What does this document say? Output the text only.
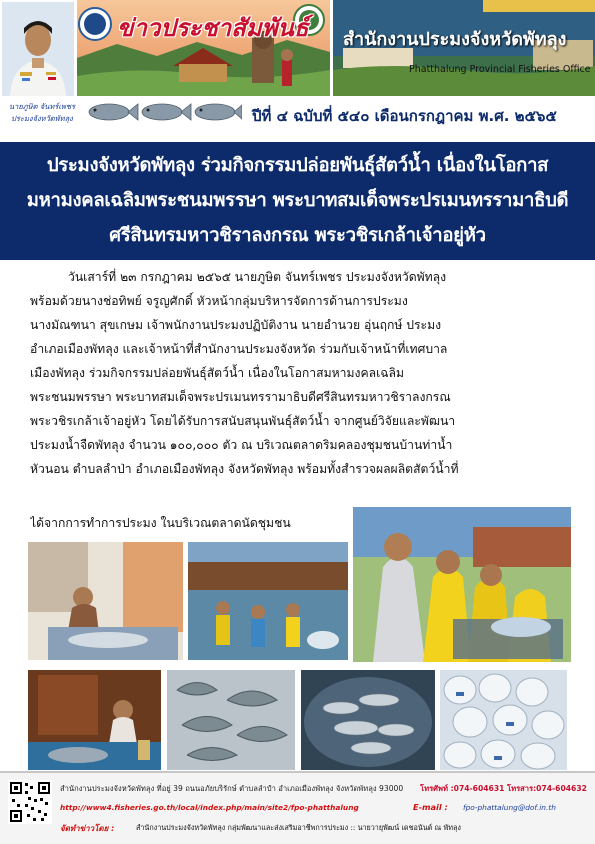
นายภูษิต จันทร์เพชร
ประมงจังหวัดพัทลุง
ข่าวประชาสัมพันธ์ สำนักงานประมงจังหวัดพัทลุง
Phatthalung Provincial Fisheries Office
ปีที่ ๔ ฉบับที่ ๕๔๐ เดือนกรกฎาคม พ.ศ. ๒๕๖๕
ประมงจังหวัดพัทลุง ร่วมกิจกรรมปล่อยพันธุ์สัตว์น้ำ เนื่องในโอกาส
มหามงคลเฉลิมพระชนมพรรษา พระบาทสมเด็จพระปรเมนทรรามาธิบดี
ศรีสินทรมหาวชิราลงกรณ พระวชิรเกล้าเจ้าอยู่หัว
วันเสาร์ที่ ๒๓ กรกฎาคม ๒๕๖๕ นายภูษิต จันทร์เพชร ประมงจังหวัดพัทลุง
พร้อมด้วยนางช่อทิพย์ จรูญศักดิ์ หัวหน้ากลุ่มบริหารจัดการด้านการประมง
นางมัณฑนา สุขเกษม เจ้าพนักงานประมงปฏิบัติงาน นายอำนวย อุ่นฤกษ์ ประมง
อำเภอเมืองพัทลุง และเจ้าหน้าที่สำนักงานประมงจังหวัด ร่วมกับเจ้าหน้าที่เทศบาล
เมืองพัทลุง ร่วมกิจกรรมปล่อยพันธุ์สัตว์น้ำ เนื่องในโอกาสมหามงคลเฉลิม
พระชนมพรรษา พระบาทสมเด็จพระปรเมนทรรามาธิบดีศรีสินทรมหาวชิราลงกรณ
พระวชิรเกล้าเจ้าอยู่หัว โดยได้รับการสนับสนุนพันธุ์สัตว์น้ำ จากศูนย์วิจัยและพัฒนา
ประมงน้ำจืดพัทลุง จำนวน ๑๐๐,๐๐๐ ตัว ณ บริเวณตลาดริมคลองชุมชนบ้านท่าน้ำ
หัวนอน ตำบลลำป่า อำเภอเมืองพัทลุง จังหวัดพัทลุง พร้อมทั้งสำรวจผลผลิตสัตว์น้ำที่
ได้จากการทำการประมง ในบริเวณตลาดนัดชุมชน
สำนักงานประมงจังหวัดพัทลุง ที่อยู่ 39 ถนนอภัยบริรักษ์ ตำบลลำปำ อำเภอเมืองพัทลุง จังหวัดพัทลุง 93000 โทรศัพท์ :074-604631 โทรสาร:074-604632
http://www4.fisheries.go.th/local/index.php/main/site2/fpo-phatthalung	E-mail : fpo-phattalung@dof.in.th
จัดทำข่าวโดย :	สำนักงานประมงจังหวัดพัทลุง กลุ่มพัฒนาและส่งเสริมอาชีพการประมง :: นายวายุพัฒน์ เดชอนันต์ ณ พัทลุง
